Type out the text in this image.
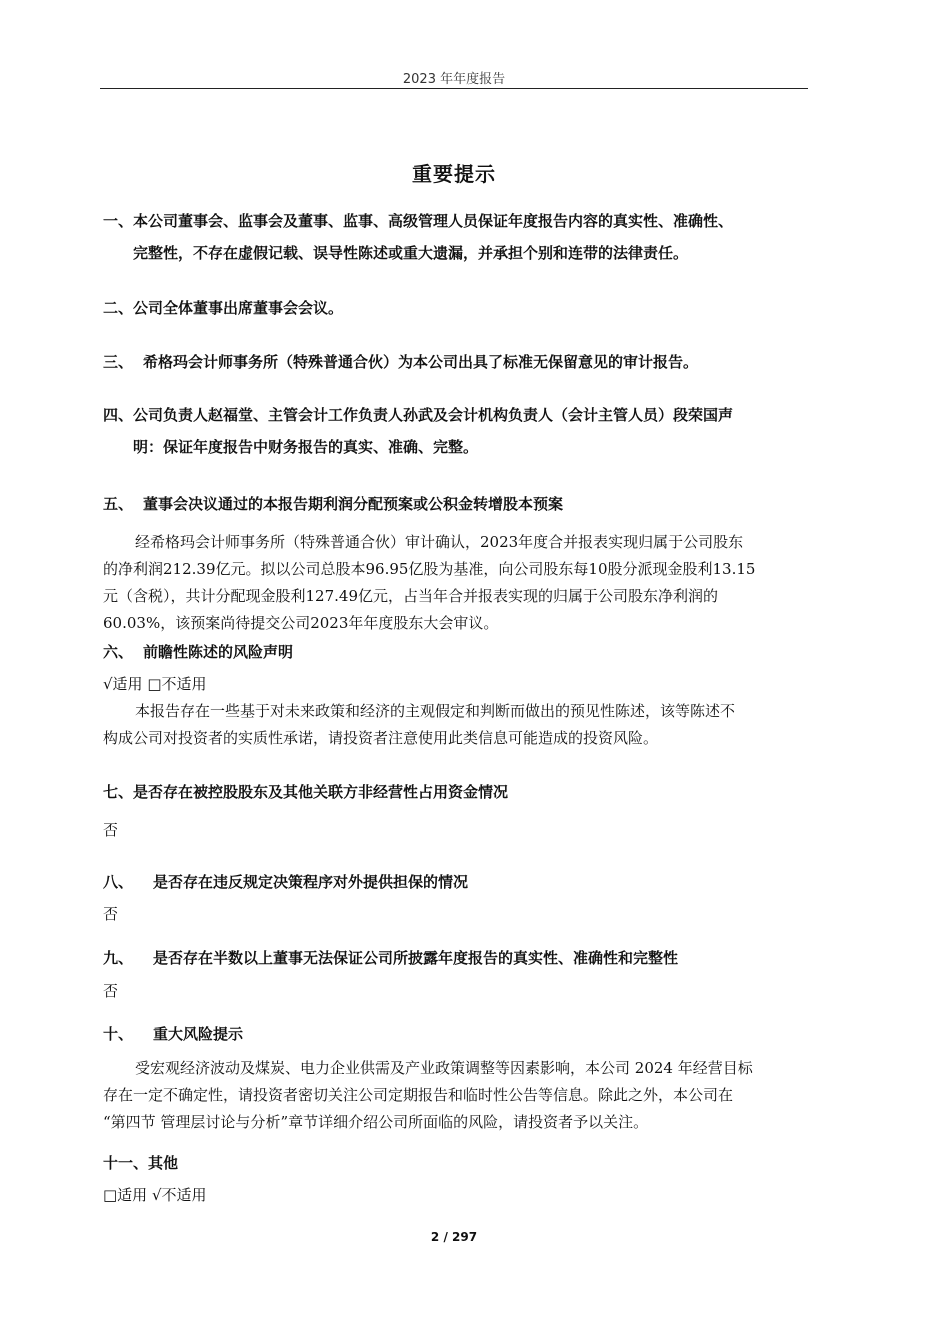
2023 年年度报告
重要提示
一、本公司董事会、监事会及董事、监事、高级管理人员保证年度报告内容的真实性、准确性、
完整性，不存在虚假记载、误导性陈述或重大遗漏，并承担个别和连带的法律责任。
二、公司全体董事出席董事会会议。
三、 希格玛会计师事务所（特殊普通合伙）为本公司出具了标准无保留意见的审计报告。
四、公司负责人赵福堂、主管会计工作负责人孙武及会计机构负责人（会计主管人员）段荣国声
明：保证年度报告中财务报告的真实、准确、完整。
五、 董事会决议通过的本报告期利润分配预案或公积金转增股本预案
经希格玛会计师事务所（特殊普通合伙）审计确认，2023年度合并报表实现归属于公司股东
的净利润212.39亿元。拟以公司总股本96.95亿股为基准，向公司股东每10股分派现金股利13.15
元（含税），共计分配现金股利127.49亿元，占当年合并报表实现的归属于公司股东净利润的
60.03%，该预案尚待提交公司2023年年度股东大会审议。
六、 前瞻性陈述的风险声明
√适用 □不适用
本报告存在一些基于对未来政策和经济的主观假定和判断而做出的预见性陈述，该等陈述不
构成公司对投资者的实质性承诺，请投资者注意使用此类信息可能造成的投资风险。
七、是否存在被控股股东及其他关联方非经营性占用资金情况
否
八、 是否存在违反规定决策程序对外提供担保的情况
否
九、 是否存在半数以上董事无法保证公司所披露年度报告的真实性、准确性和完整性
否
十、 重大风险提示
受宏观经济波动及煤炭、电力企业供需及产业政策调整等因素影响，本公司 2024 年经营目标
存在一定不确定性，请投资者密切关注公司定期报告和临时性公告等信息。除此之外，本公司在
“第四节 管理层讨论与分析”章节详细介绍公司所面临的风险，请投资者予以关注。
十一、其他
□适用 √不适用
2 / 297
